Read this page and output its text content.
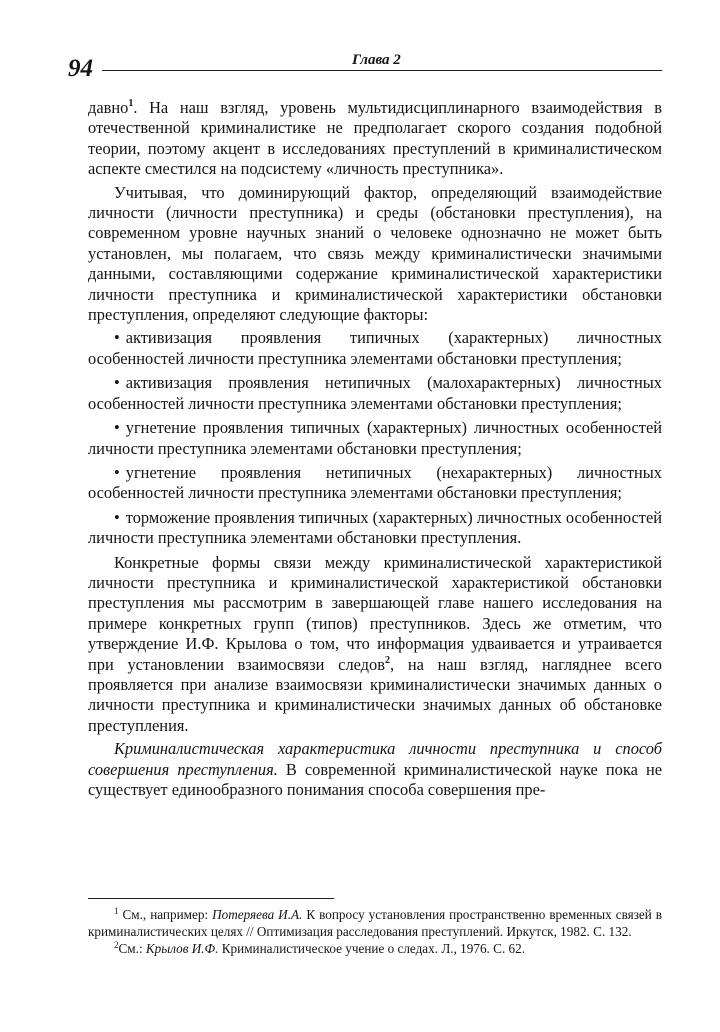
94	Глава 2

давно$^1$. На наш взгляд, уровень мультидисциплинарного взаимодействия в отечественной криминалистике не предполагает скорого создания подобной теории, поэтому акцент в исследованиях преступлений в криминалистическом аспекте сместился на подсистему «личность преступника».

Учитывая, что доминирующий фактор, определяющий взаимодействие личности (личности преступника) и среды (обстановки преступления), на современном уровне научных знаний о человеке однозначно не может быть установлен, мы полагаем, что связь между криминалистически значимыми данными, составляющими содержание криминалистической характеристики личности преступника и криминалистической характеристики обстановки преступления, определяют следующие факторы:

• активизация проявления типичных (характерных) личностных особенностей личности преступника элементами обстановки преступления;
• активизация проявления нетипичных (малохарактерных) личностных особенностей личности преступника элементами обстановки преступления;
• угнетение проявления типичных (характерных) личностных особенностей личности преступника элементами обстановки преступления;
• угнетение проявления нетипичных (нехарактерных) личностных особенностей личности преступника элементами обстановки преступления;
• торможение проявления типичных (характерных) личностных особенностей личности преступника элементами обстановки преступления.

Конкретные формы связи между криминалистической характеристикой личности преступника и криминалистической характеристикой обстановки преступления мы рассмотрим в завершающей главе нашего исследования на примере конкретных групп (типов) преступников. Здесь же отметим, что утверждение И.Ф. Крылова о том, что информация удваивается и утраивается при установлении взаимосвязи следов$^2$, на наш взгляд, нагляднее всего проявляется при анализе взаимосвязи криминалистически значимых данных о личности преступника и криминалистически значимых данных об обстановке преступления.

Криминалистическая характеристика личности преступника и способ совершения преступления. В современной криминалистической науке пока не существует единообразного понимания способа совершения пре-

$^1$ См., например: Потеряева И.А. К вопросу установления пространственно временных связей в криминалистических целях // Оптимизация расследования преступлений. Иркутск, 1982. С. 132.

$^2$См.: Крылов И.Ф. Криминалистическое учение о следах. Л., 1976. С. 62.
